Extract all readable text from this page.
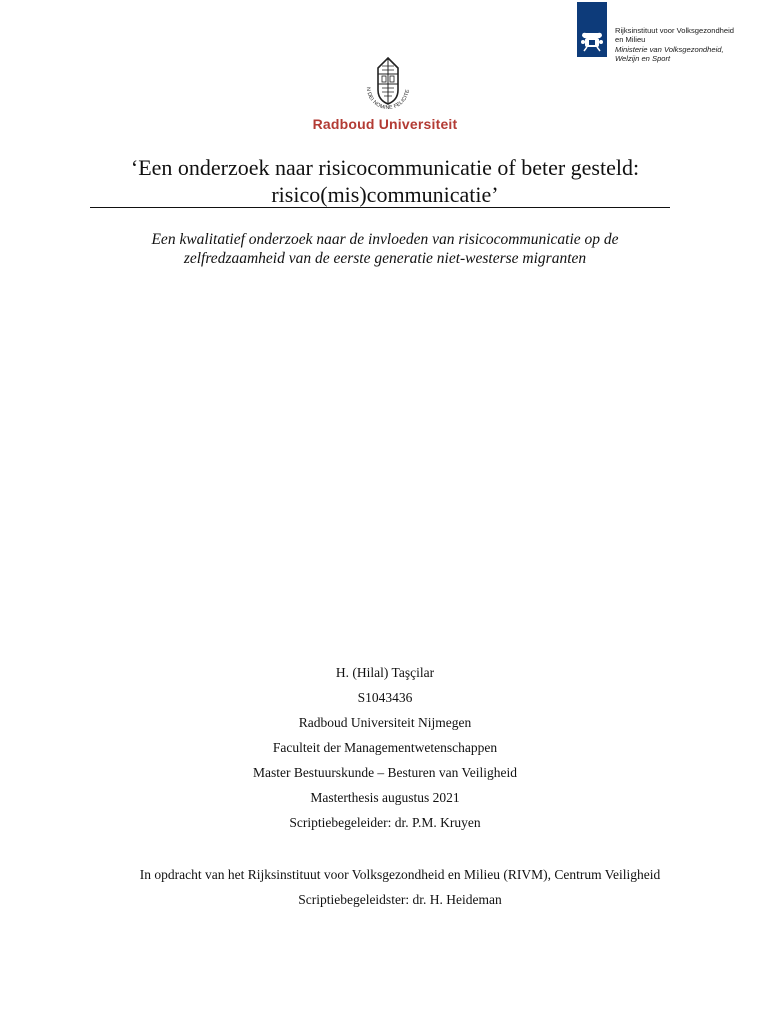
Rijksinstituut voor Volksgezondheid
en Milieu
Ministerie van Volksgezondheid,
Welzijn en Sport
N DEI NOMINE FELICITE
Radboud Universiteit
‘Een onderzoek naar risicocommunicatie of beter gesteld:
risico(mis)communicatie’
Een kwalitatief onderzoek naar de invloeden van risicocommunicatie op de
zelfredzaamheid van de eerste generatie niet-westerse migranten
H. (Hilal) Taşçilar
S1043436
Radboud Universiteit Nijmegen
Faculteit der Managementwetenschappen
Master Bestuurskunde – Besturen van Veiligheid
Masterthesis augustus 2021
Scriptiebegeleider: dr. P.M. Kruyen
In opdracht van het Rijksinstituut voor Volksgezondheid en Milieu (RIVM), Centrum Veiligheid
Scriptiebegeleidster: dr. H. Heideman
